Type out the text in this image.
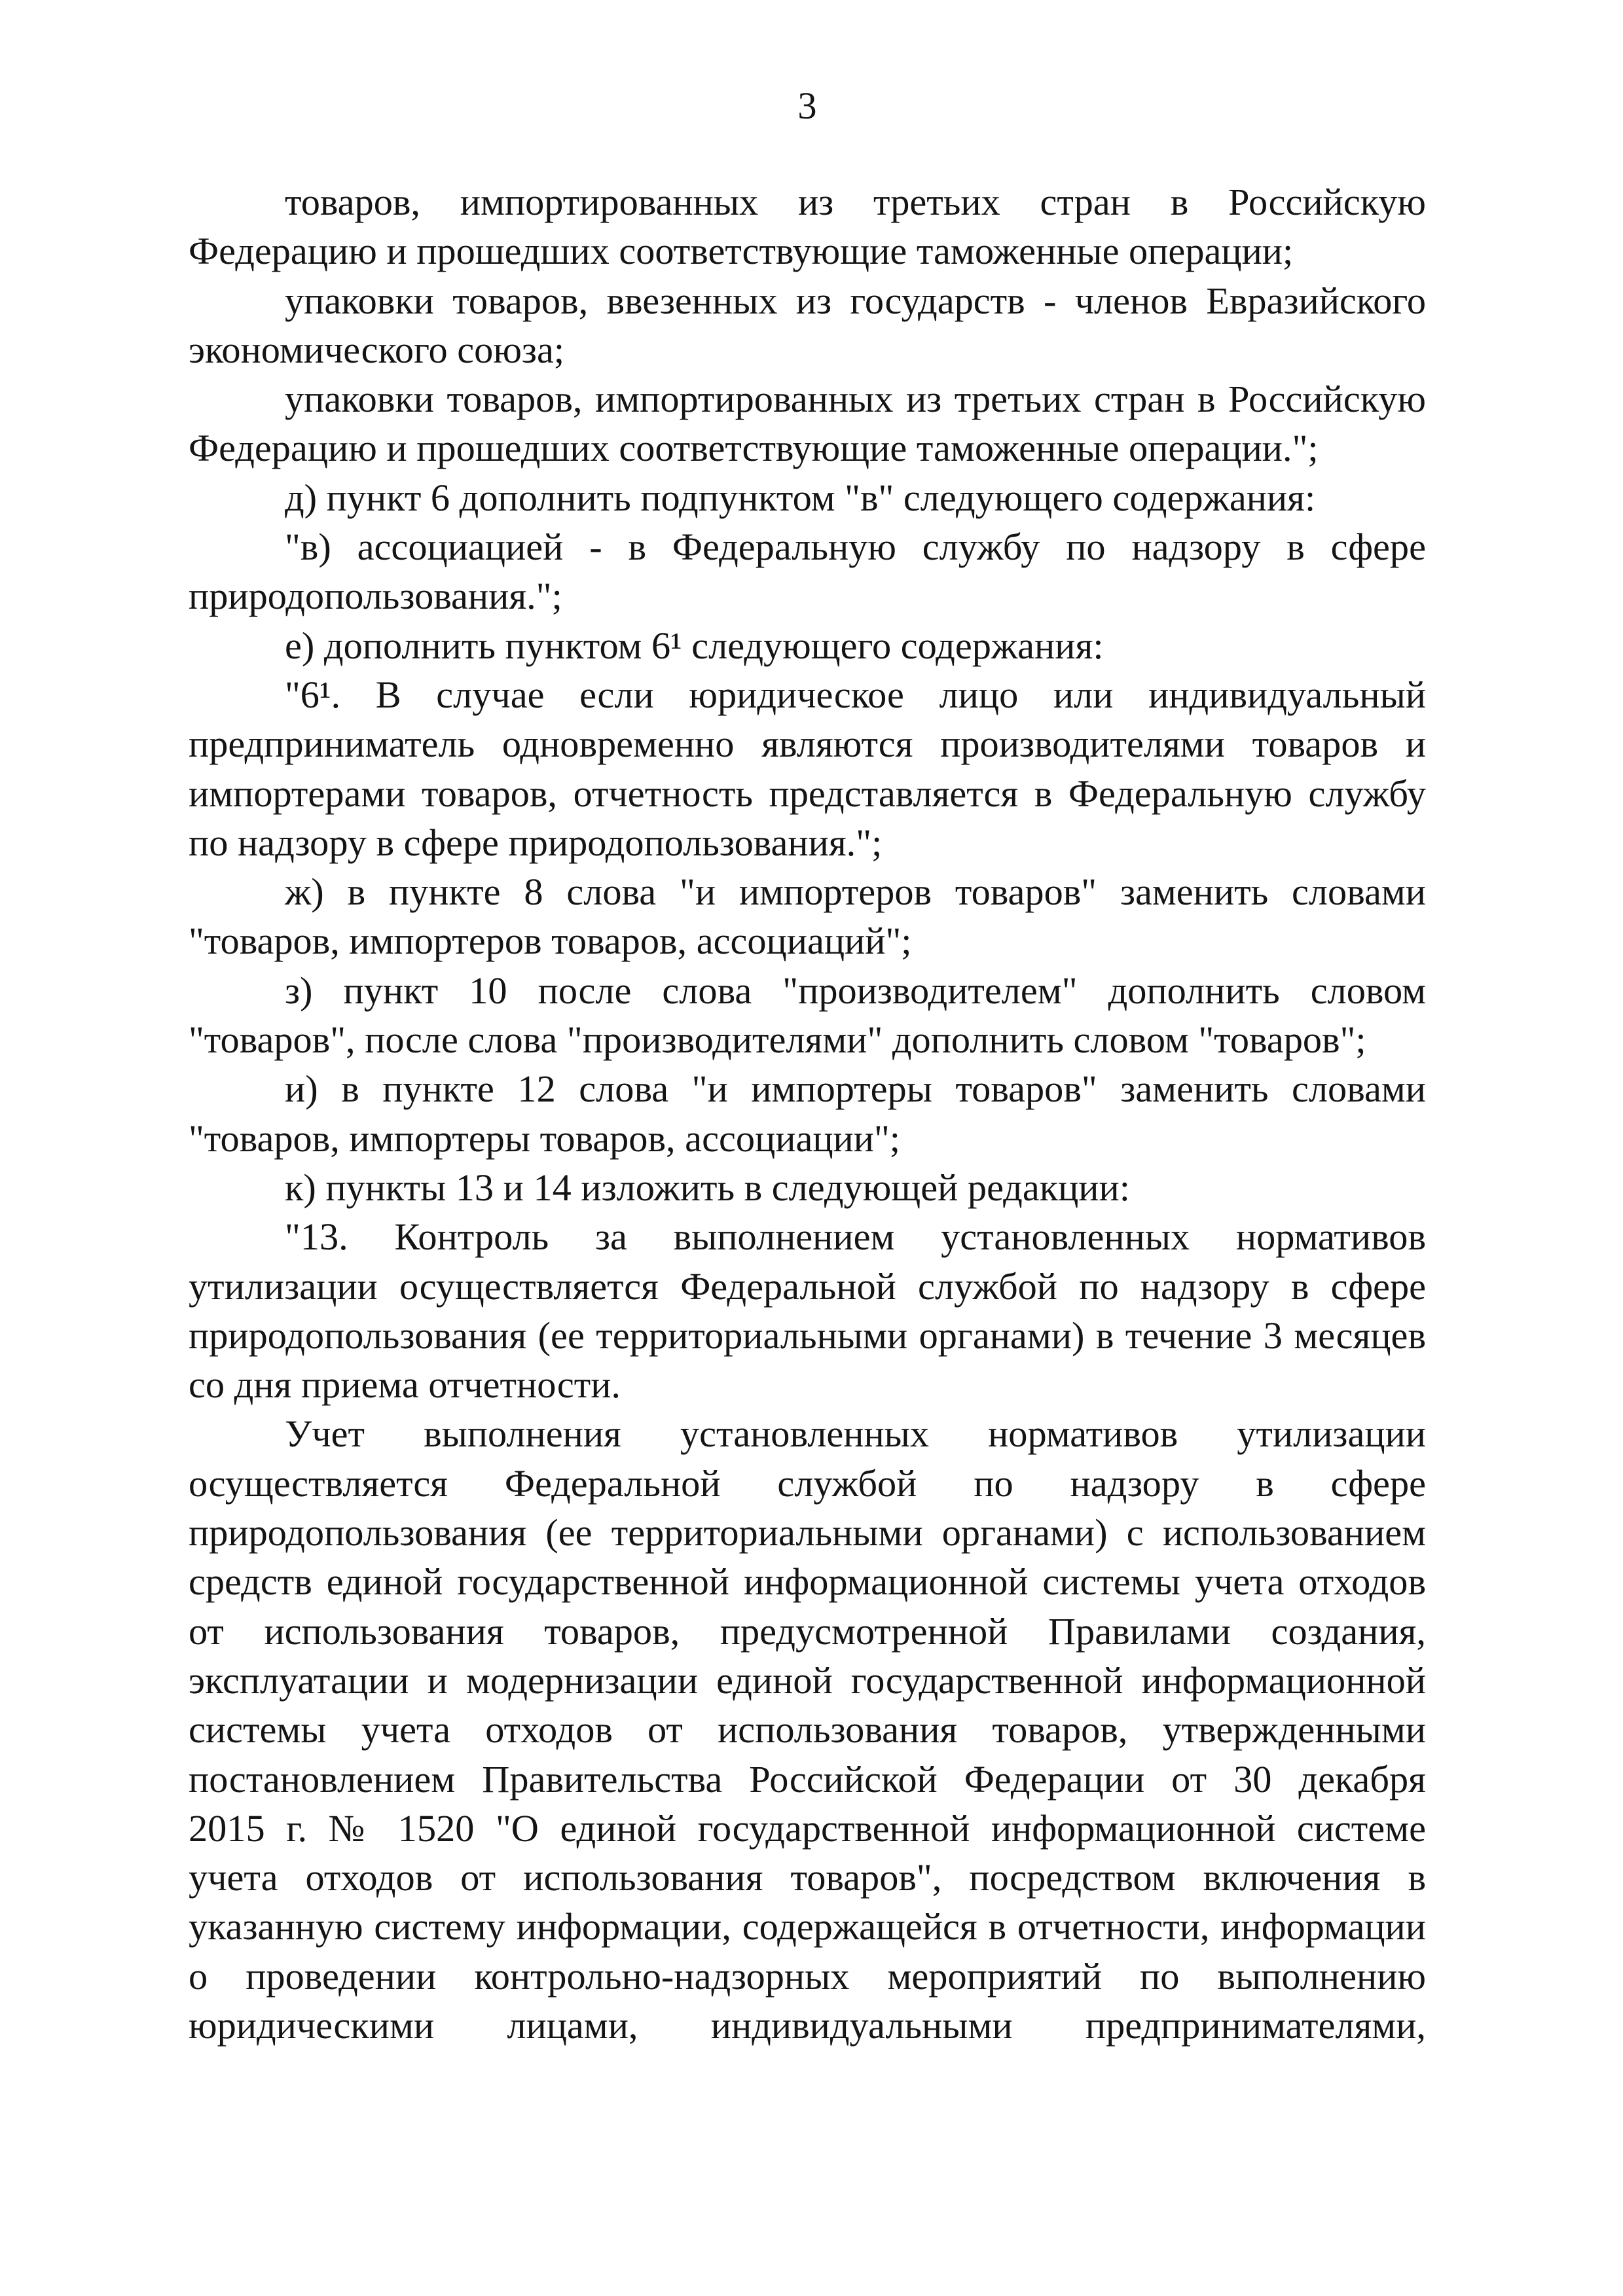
3
товаров, импортированных из третьих стран в Российскую
Федерацию и прошедших соответствующие таможенные операции;
упаковки товаров, ввезенных из государств - членов Евразийского
экономического союза;
упаковки товаров, импортированных из третьих стран в Российскую
Федерацию и прошедших соответствующие таможенные операции.";
д) пункт 6 дополнить подпунктом "в" следующего содержания:
"в) ассоциацией - в Федеральную службу по надзору в сфере
природопользования.";
е) дополнить пунктом 6¹ следующего содержания:
"6¹. В случае если юридическое лицо или индивидуальный
предприниматель одновременно являются производителями товаров и
импортерами товаров, отчетность представляется в Федеральную службу
по надзору в сфере природопользования.";
ж) в пункте 8 слова "и импортеров товаров" заменить словами
"товаров, импортеров товаров, ассоциаций";
з) пункт 10 после слова "производителем" дополнить словом
"товаров", после слова "производителями" дополнить словом "товаров";
и) в пункте 12 слова "и импортеры товаров" заменить словами
"товаров, импортеры товаров, ассоциации";
к) пункты 13 и 14 изложить в следующей редакции:
"13. Контроль за выполнением установленных нормативов
утилизации осуществляется Федеральной службой по надзору в сфере
природопользования (ее территориальными органами) в течение 3 месяцев
со дня приема отчетности.
Учет выполнения установленных нормативов утилизации
осуществляется Федеральной службой по надзору в сфере
природопользования (ее территориальными органами) с использованием
средств единой государственной информационной системы учета отходов
от использования товаров, предусмотренной Правилами создания,
эксплуатации и модернизации единой государственной информационной
системы учета отходов от использования товаров, утвержденными
постановлением Правительства Российской Федерации от 30 декабря
2015 г. № 1520 "О единой государственной информационной системе
учета отходов от использования товаров", посредством включения в
указанную систему информации, содержащейся в отчетности, информации
о проведении контрольно-надзорных мероприятий по выполнению
юридическими лицами, индивидуальными предпринимателями,
